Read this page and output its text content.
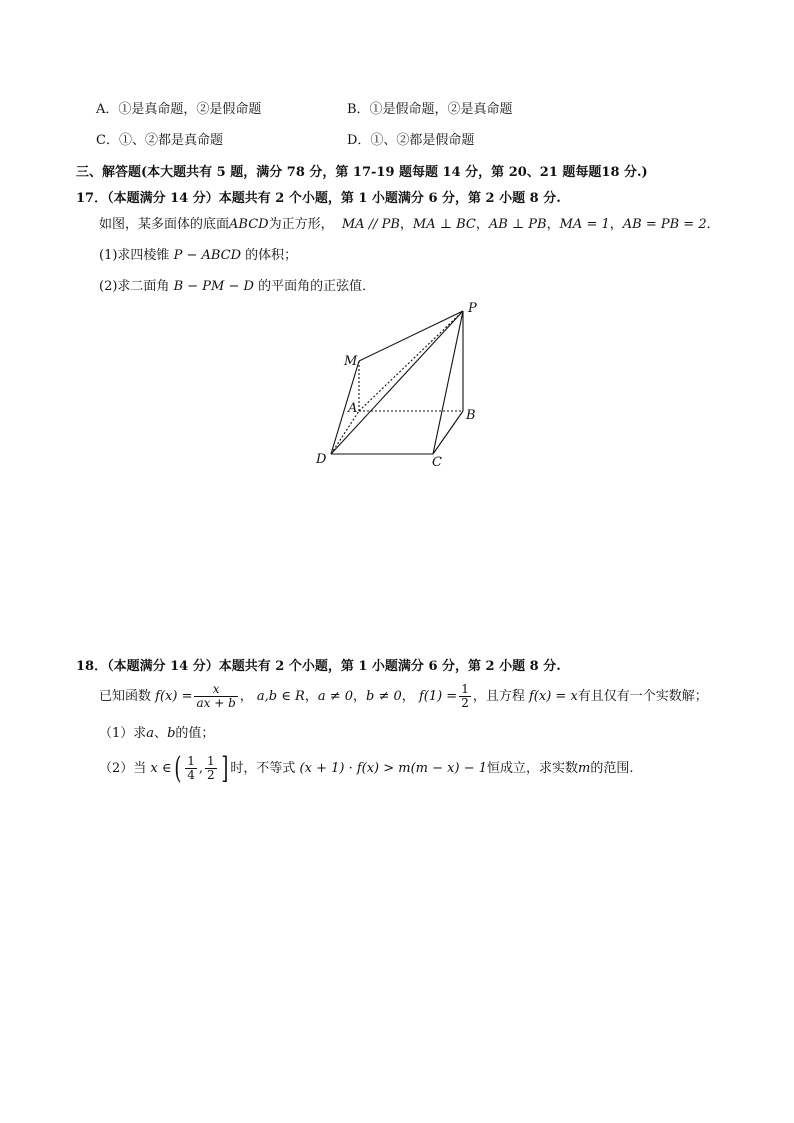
A．①是真命题，②是假命题	B．①是假命题，②是真命题
C．①、②都是真命题	D．①、②都是假命题
三、解答题(本大题共有 5 题，满分 78 分，第 17-19 题每题 14 分，第 20、21 题每题18 分.)
17．（本题满分 14 分）本题共有 2 个小题，第 1 小题满分 6 分，第 2 小题 8 分.
如图，某多面体的底面ABCD为正方形， MA // PB，MA ⊥ BC，AB ⊥ PB，MA = 1，AB = PB = 2．
(1)求四棱锥 P − ABCD 的体积；
(2)求二面角 B − PM − D 的平面角的正弦值．
P
M
A	B
D	C
18．（本题满分 14 分）本题共有 2 个小题，第 1 小题满分 6 分，第 2 小题 8 分.
已知函数 $f(x) = \frac{x}{ax + b}$ ， a,b ∈ R，a ≠ 0，b ≠ 0， $f(1) = \frac{1}{2}$ ，且方程 f(x) = x有且仅有一个实数解；
（1）求a、b的值；
（2）当 x ∈( $\frac{1}{4}$ , $\frac{1}{2}$ ] 时，不等式 (x + 1) · f(x) > m(m − x) − 1恒成立，求实数m的范围.
